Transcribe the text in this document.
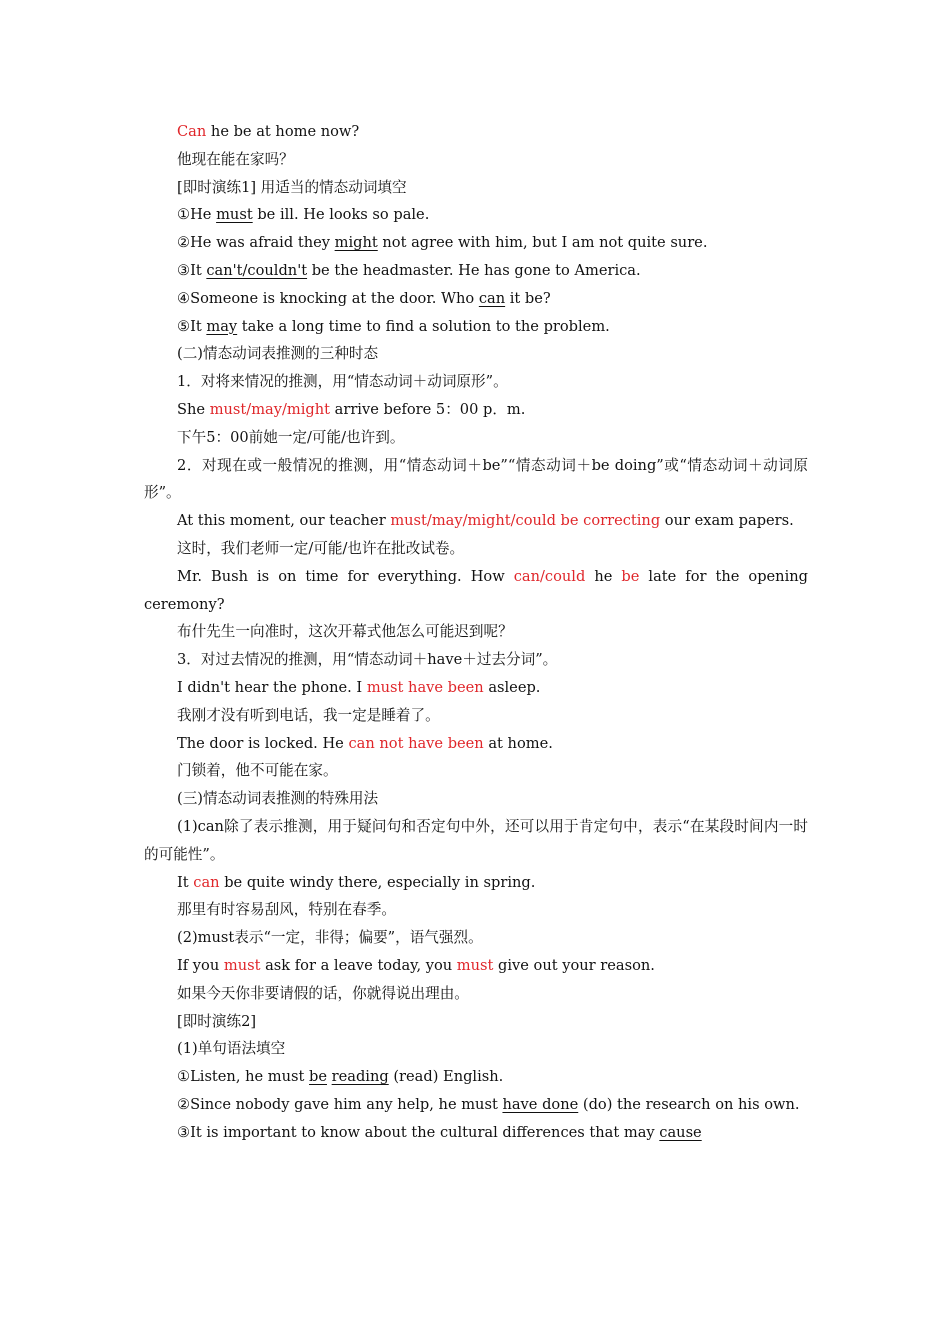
Can he be at home now?

他现在能在家吗？

[即时演练1] 用适当的情态动词填空

①He must be ill. He looks so pale.

②He was afraid they might not agree with him, but I am not quite sure.

③It can't/couldn't be the headmaster. He has gone to America.

④Someone is knocking at the door. Who can it be?

⑤It may take a long time to find a solution to the problem.

(二)情态动词表推测的三种时态

1．对将来情况的推测，用“情态动词＋动词原形”。

She must/may/might arrive before 5：00 p．m.

下午5：00前她一定/可能/也许到。

2．对现在或一般情况的推测，用“情态动词＋be”“情态动词＋be doing”或“情态动词＋动词原形”。

At this moment, our teacher must/may/might/could be correcting our exam papers.

这时，我们老师一定/可能/也许在批改试卷。

Mr. Bush is on time for everything. How can/could he be late for the opening ceremony?

布什先生一向准时，这次开幕式他怎么可能迟到呢？

3．对过去情况的推测，用“情态动词＋have＋过去分词”。

I didn't hear the phone. I must have been asleep.

我刚才没有听到电话，我一定是睡着了。

The door is locked. He can not have been at home.

门锁着，他不可能在家。

(三)情态动词表推测的特殊用法

(1)can除了表示推测，用于疑问句和否定句中外，还可以用于肯定句中，表示“在某段时间内一时的可能性”。

It can be quite windy there, especially in spring.

那里有时容易刮风，特别在春季。

(2)must表示“一定，非得；偏要”，语气强烈。

If you must ask for a leave today, you must give out your reason.

如果今天你非要请假的话，你就得说出理由。

[即时演练2]

(1)单句语法填空

①Listen, he must be reading (read) English.

②Since nobody gave him any help, he must have done (do) the research on his own.

③It is important to know about the cultural differences that may cause
